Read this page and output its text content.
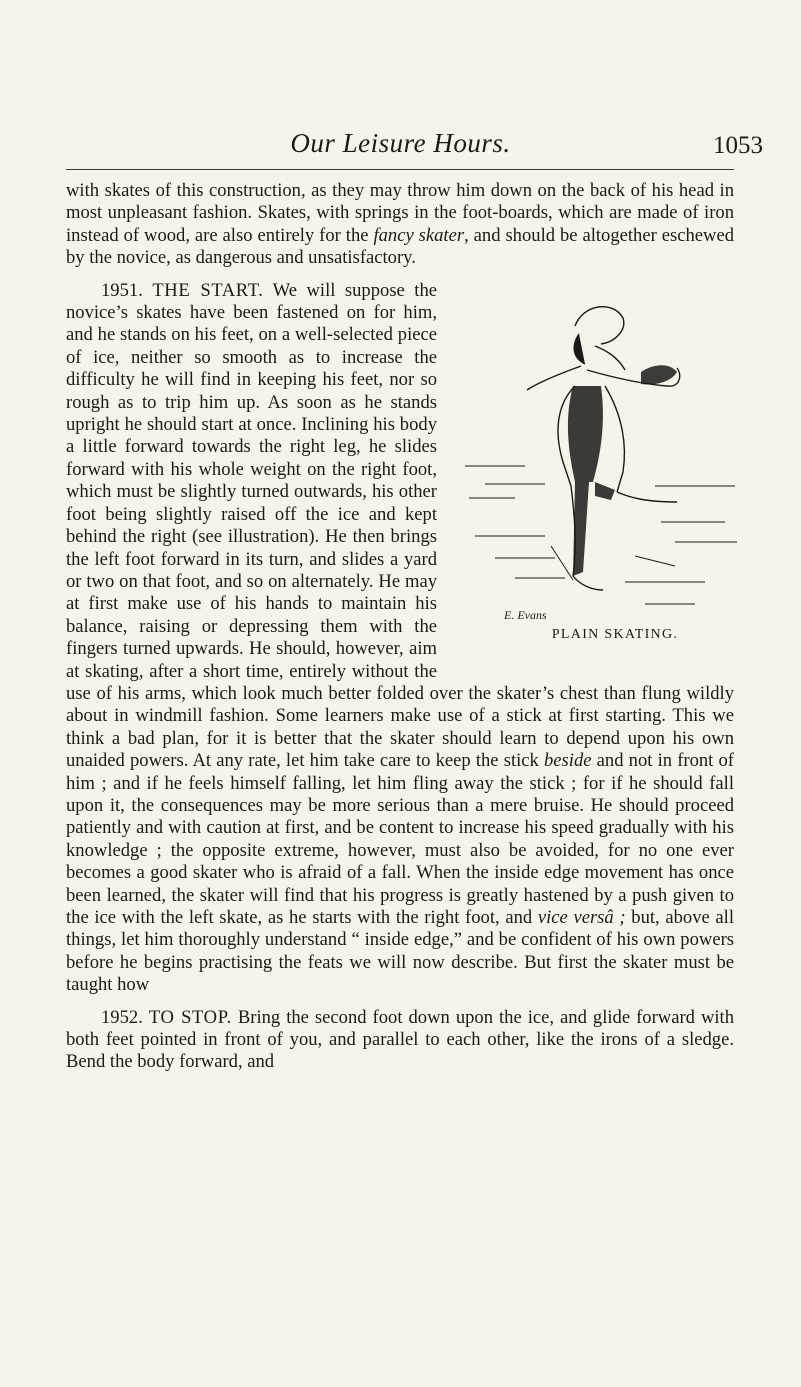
Our Leisure Hours.	1053

with skates of this construction, as they may throw him down on the back of his head in most unpleasant fashion. Skates, with springs in the foot-boards, which are made of iron instead of wood, are also entirely for the fancy skater, and should be altogether eschewed by the novice, as dangerous and unsatisfactory.

1951. THE START.
E. Evans
PLAIN SKATING.
We will suppose the novice’s skates have been fastened on for him, and he stands on his feet, on a well-selected piece of ice, neither so smooth as to increase the difficulty he will find in keeping his feet, nor so rough as to trip him up. As soon as he stands upright he should start at once. Inclining his body a little forward towards the right leg, he slides forward with his whole weight on the right foot, which must be slightly turned outwards, his other foot being slightly raised off the ice and kept behind the right (see illustration). He then brings the left foot forward in its turn, and slides a yard or two on that foot, and so on alternately. He may at first make use of his hands to maintain his balance, raising or depressing them with the fingers turned upwards. He should, however, aim at skating, after a short time, entirely without the use of his arms, which look much better folded over the skater’s chest than flung wildly about in windmill fashion. Some learners make use of a stick at first starting. This we think a bad plan, for it is better that the skater should learn to depend upon his own unaided powers. At any rate, let him take care to keep the stick beside and not in front of him ; and if he feels himself falling, let him fling away the stick ; for if he should fall upon it, the consequences may be more serious than a mere bruise. He should proceed patiently and with caution at first, and be content to increase his speed gradually with his knowledge ; the opposite extreme, however, must also be avoided, for no one ever becomes a good skater who is afraid of a fall. When the inside edge movement has once been learned, the skater will find that his progress is greatly hastened by a push given to the ice with the left skate, as he starts with the right foot, and vice versâ ; but, above all things, let him thoroughly understand “ inside edge,” and be confident of his own powers before he begins practising the feats we will now describe. But first the skater must be taught how

1952. TO STOP. Bring the second foot down upon the ice, and glide forward with both feet pointed in front of you, and parallel to each other, like the irons of a sledge. Bend the body forward, and
